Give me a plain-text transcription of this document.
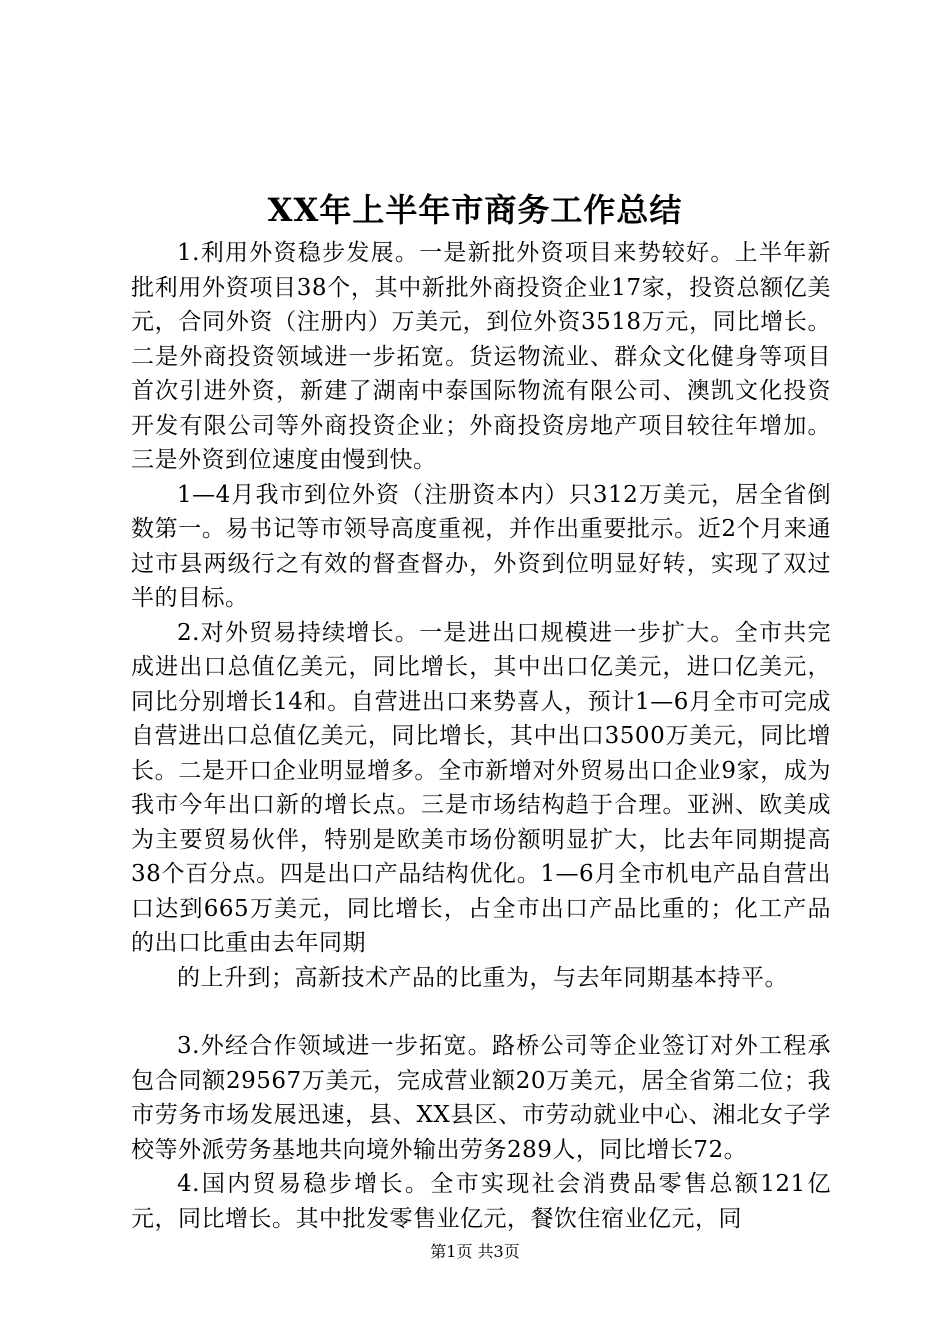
XX年上半年市商务工作总结

1.利用外资稳步发展。一是新批外资项目来势较好。上半年新批利用外资项目38个，其中新批外商投资企业17家，投资总额亿美元，合同外资（注册内）万美元，到位外资3518万元，同比增长。二是外商投资领域进一步拓宽。货运物流业、群众文化健身等项目首次引进外资，新建了湖南中泰国际物流有限公司、澳凯文化投资开发有限公司等外商投资企业；外商投资房地产项目较往年增加。三是外资到位速度由慢到快。

1—4月我市到位外资（注册资本内）只312万美元，居全省倒数第一。易书记等市领导高度重视，并作出重要批示。近2个月来通过市县两级行之有效的督查督办，外资到位明显好转，实现了双过半的目标。

2.对外贸易持续增长。一是进出口规模进一步扩大。全市共完成进出口总值亿美元，同比增长，其中出口亿美元，进口亿美元，同比分别增长14和。自营进出口来势喜人，预计1—6月全市可完成自营进出口总值亿美元，同比增长，其中出口3500万美元，同比增长。二是开口企业明显增多。全市新增对外贸易出口企业9家，成为我市今年出口新的增长点。三是市场结构趋于合理。亚洲、欧美成为主要贸易伙伴，特别是欧美市场份额明显扩大，比去年同期提高38个百分点。四是出口产品结构优化。1—6月全市机电产品自营出口达到665万美元，同比增长，占全市出口产品比重的；化工产品的出口比重由去年同期

的上升到；高新技术产品的比重为，与去年同期基本持平。

3.外经合作领域进一步拓宽。路桥公司等企业签订对外工程承包合同额29567万美元，完成营业额20万美元，居全省第二位；我市劳务市场发展迅速，县、XX县区、市劳动就业中心、湘北女子学校等外派劳务基地共向境外输出劳务289人，同比增长72。

4.国内贸易稳步增长。全市实现社会消费品零售总额121亿元，同比增长。其中批发零售业亿元，餐饮住宿业亿元，同

第1页 共3页
